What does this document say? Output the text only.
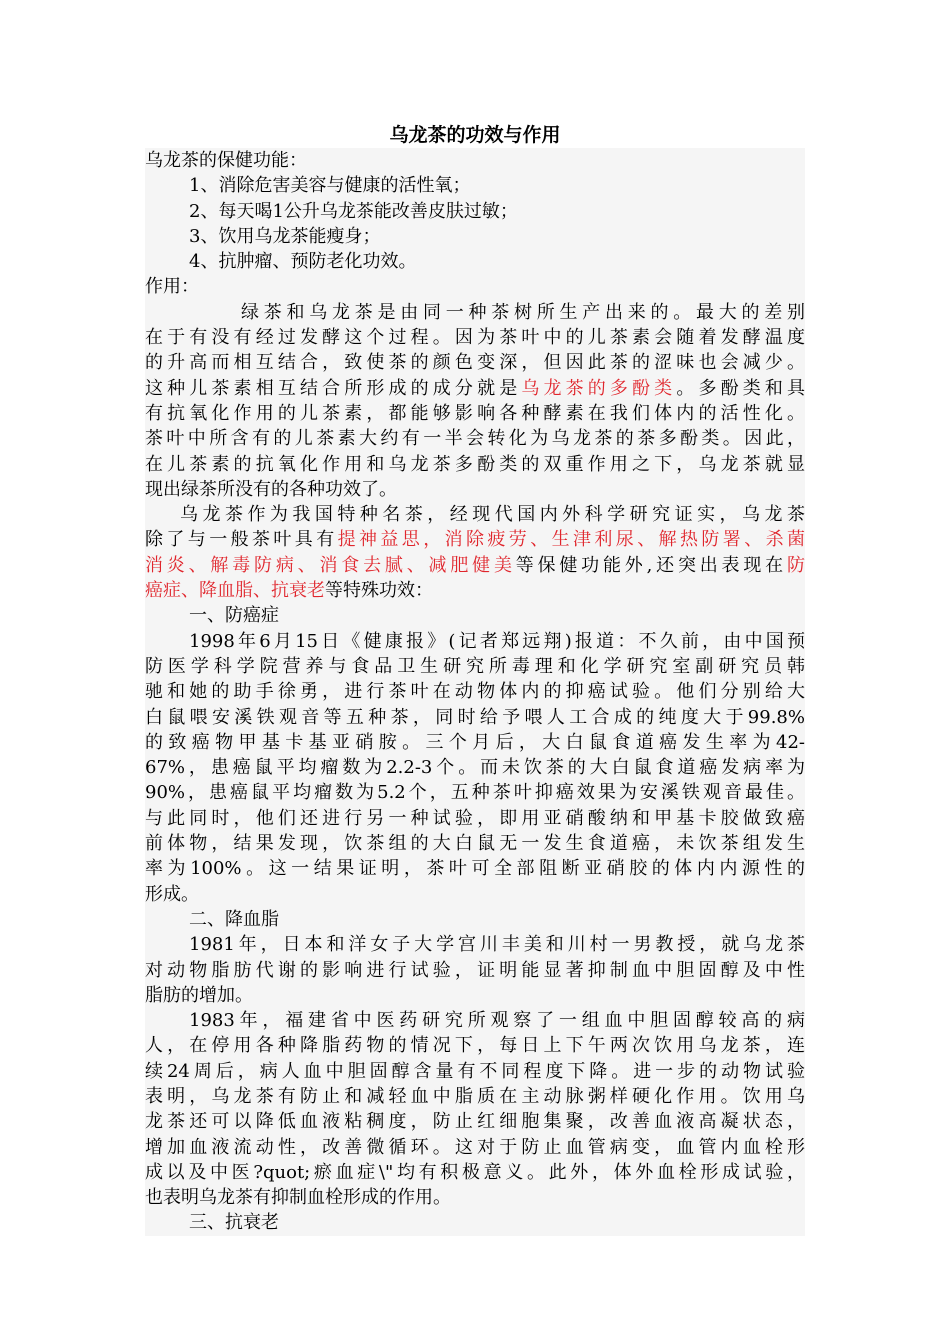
乌龙茶的功效与作用
乌龙茶的保健功能：
1、消除危害美容与健康的活性氧；
2、每天喝1公升乌龙茶能改善皮肤过敏；
3、饮用乌龙茶能瘦身；
4、抗肿瘤、预防老化功效。
作用：
绿茶和乌龙茶是由同一种茶树所生产出来的。最大的差别
在于有没有经过发酵这个过程。因为茶叶中的儿茶素会随着发酵温度
的升高而相互结合，致使茶的颜色变深，但因此茶的涩味也会减少。
这种儿茶素相互结合所形成的成分就是乌龙茶的多酚类。多酚类和具
有抗氧化作用的儿茶素，都能够影响各种酵素在我们体内的活性化。
茶叶中所含有的儿茶素大约有一半会转化为乌龙茶的茶多酚类。因此，
在儿茶素的抗氧化作用和乌龙茶多酚类的双重作用之下，乌龙茶就显
现出绿茶所没有的各种功效了。
乌龙茶作为我国特种名茶，经现代国内外科学研究证实，乌龙茶
除了与一般茶叶具有提神益思，消除疲劳、生津利尿、解热防署、杀菌
消炎、解毒防病、消食去腻、减肥健美等保健功能外,还突出表现在防
癌症、降血脂、抗衰老等特殊功效：
一、防癌症
1998年6月15日《健康报》(记者郑远翔)报道：不久前，由中国预
防医学科学院营养与食品卫生研究所毒理和化学研究室副研究员韩
驰和她的助手徐勇，进行茶叶在动物体内的抑癌试验。他们分别给大
白鼠喂安溪铁观音等五种茶，同时给予喂人工合成的纯度大于99.8%
的致癌物甲基卡基亚硝胺。三个月后，大白鼠食道癌发生率为42-
67%，患癌鼠平均瘤数为2.2-3个。而未饮茶的大白鼠食道癌发病率为
90%，患癌鼠平均瘤数为5.2个，五种茶叶抑癌效果为安溪铁观音最佳。
与此同时，他们还进行另一种试验，即用亚硝酸纳和甲基卡胶做致癌
前体物，结果发现，饮茶组的大白鼠无一发生食道癌，未饮茶组发生
率为100%。这一结果证明，茶叶可全部阻断亚硝胶的体内内源性的
形成。
二、降血脂
1981年，日本和洋女子大学宫川丰美和川村一男教授，就乌龙茶
对动物脂肪代谢的影响进行试验，证明能显著抑制血中胆固醇及中性
脂肪的增加。
1983年，福建省中医药研究所观察了一组血中胆固醇较高的病
人，在停用各种降脂药物的情况下，每日上下午两次饮用乌龙茶，连
续24周后，病人血中胆固醇含量有不同程度下降。进一步的动物试验
表明，乌龙茶有防止和减轻血中脂质在主动脉粥样硬化作用。饮用乌
龙茶还可以降低血液粘稠度，防止红细胞集聚，改善血液高凝状态，
增加血液流动性，改善微循环。这对于防止血管病变，血管内血栓形
成以及中医?quot;瘀血症\"均有积极意义。此外，体外血栓形成试验，
也表明乌龙茶有抑制血栓形成的作用。
三、抗衰老
